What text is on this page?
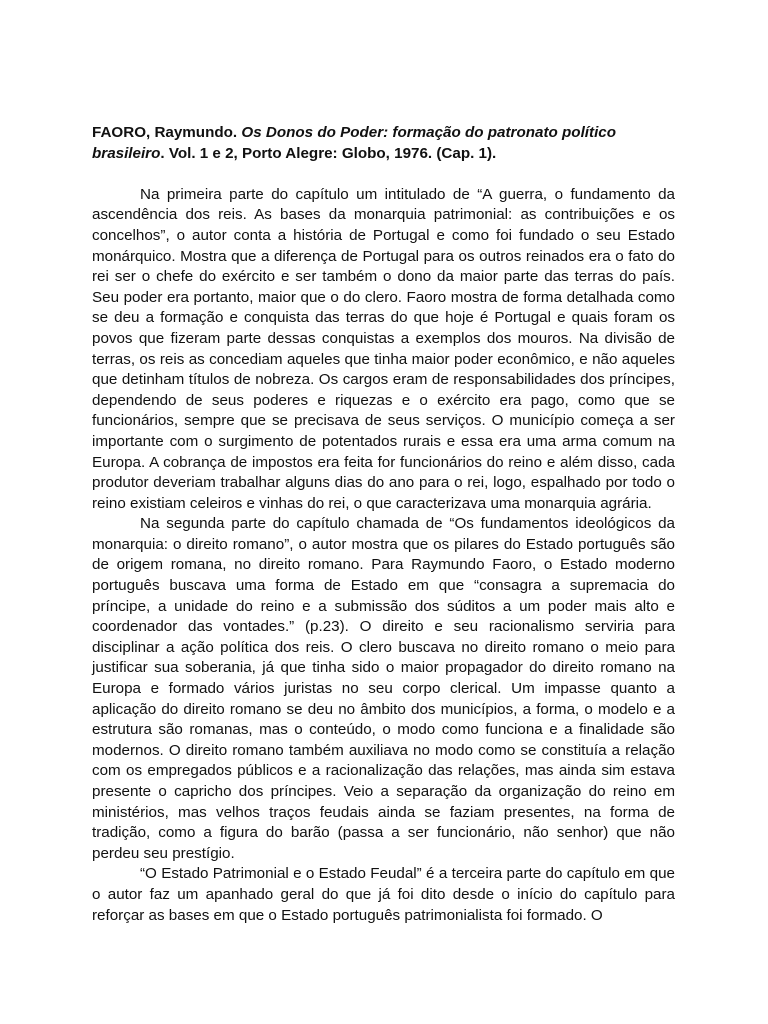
FAORO, Raymundo. Os Donos do Poder: formação do patronato político brasileiro. Vol. 1 e 2, Porto Alegre: Globo, 1976. (Cap. 1).

Na primeira parte do capítulo um intitulado de “A guerra, o fundamento da ascendência dos reis. As bases da monarquia patrimonial: as contribuições e os concelhos”, o autor conta a história de Portugal e como foi fundado o seu Estado monárquico. Mostra que a diferença de Portugal para os outros reinados era o fato do rei ser o chefe do exército e ser também o dono da maior parte das terras do país. Seu poder era portanto, maior que o do clero. Faoro mostra de forma detalhada como se deu a formação e conquista das terras do que hoje é Portugal e quais foram os povos que fizeram parte dessas conquistas a exemplos dos mouros. Na divisão de terras, os reis as concediam aqueles que tinha maior poder econômico, e não aqueles que detinham títulos de nobreza. Os cargos eram de responsabilidades dos príncipes, dependendo de seus poderes e riquezas e o exército era pago, como que se funcionários, sempre que se precisava de seus serviços. O município começa a ser importante com o surgimento de potentados rurais e essa era uma arma comum na Europa. A cobrança de impostos era feita for funcionários do reino e além disso, cada produtor deveriam trabalhar alguns dias do ano para o rei, logo, espalhado por todo o reino existiam celeiros e vinhas do rei, o que caracterizava uma monarquia agrária.

Na segunda parte do capítulo chamada de “Os fundamentos ideológicos da monarquia: o direito romano”, o autor mostra que os pilares do Estado português são de origem romana, no direito romano. Para Raymundo Faoro, o Estado moderno português buscava uma forma de Estado em que “consagra a supremacia do príncipe, a unidade do reino e a submissão dos súditos a um poder mais alto e coordenador das vontades.” (p.23). O direito e seu racionalismo serviria para disciplinar a ação política dos reis. O clero buscava no direito romano o meio para justificar sua soberania, já que tinha sido o maior propagador do direito romano na Europa e formado vários juristas no seu corpo clerical. Um impasse quanto a aplicação do direito romano se deu no âmbito dos municípios, a forma, o modelo e a estrutura são romanas, mas o conteúdo, o modo como funciona e a finalidade são modernos. O direito romano também auxiliava no modo como se constituía a relação com os empregados públicos e a racionalização das relações, mas ainda sim estava presente o capricho dos príncipes. Veio a separação da organização do reino em ministérios, mas velhos traços feudais ainda se faziam presentes, na forma de tradição, como a figura do barão (passa a ser funcionário, não senhor) que não perdeu seu prestígio.

“O Estado Patrimonial e o Estado Feudal” é a terceira parte do capítulo em que o autor faz um apanhado geral do que já foi dito desde o início do capítulo para reforçar as bases em que o Estado português patrimonialista foi formado. O
